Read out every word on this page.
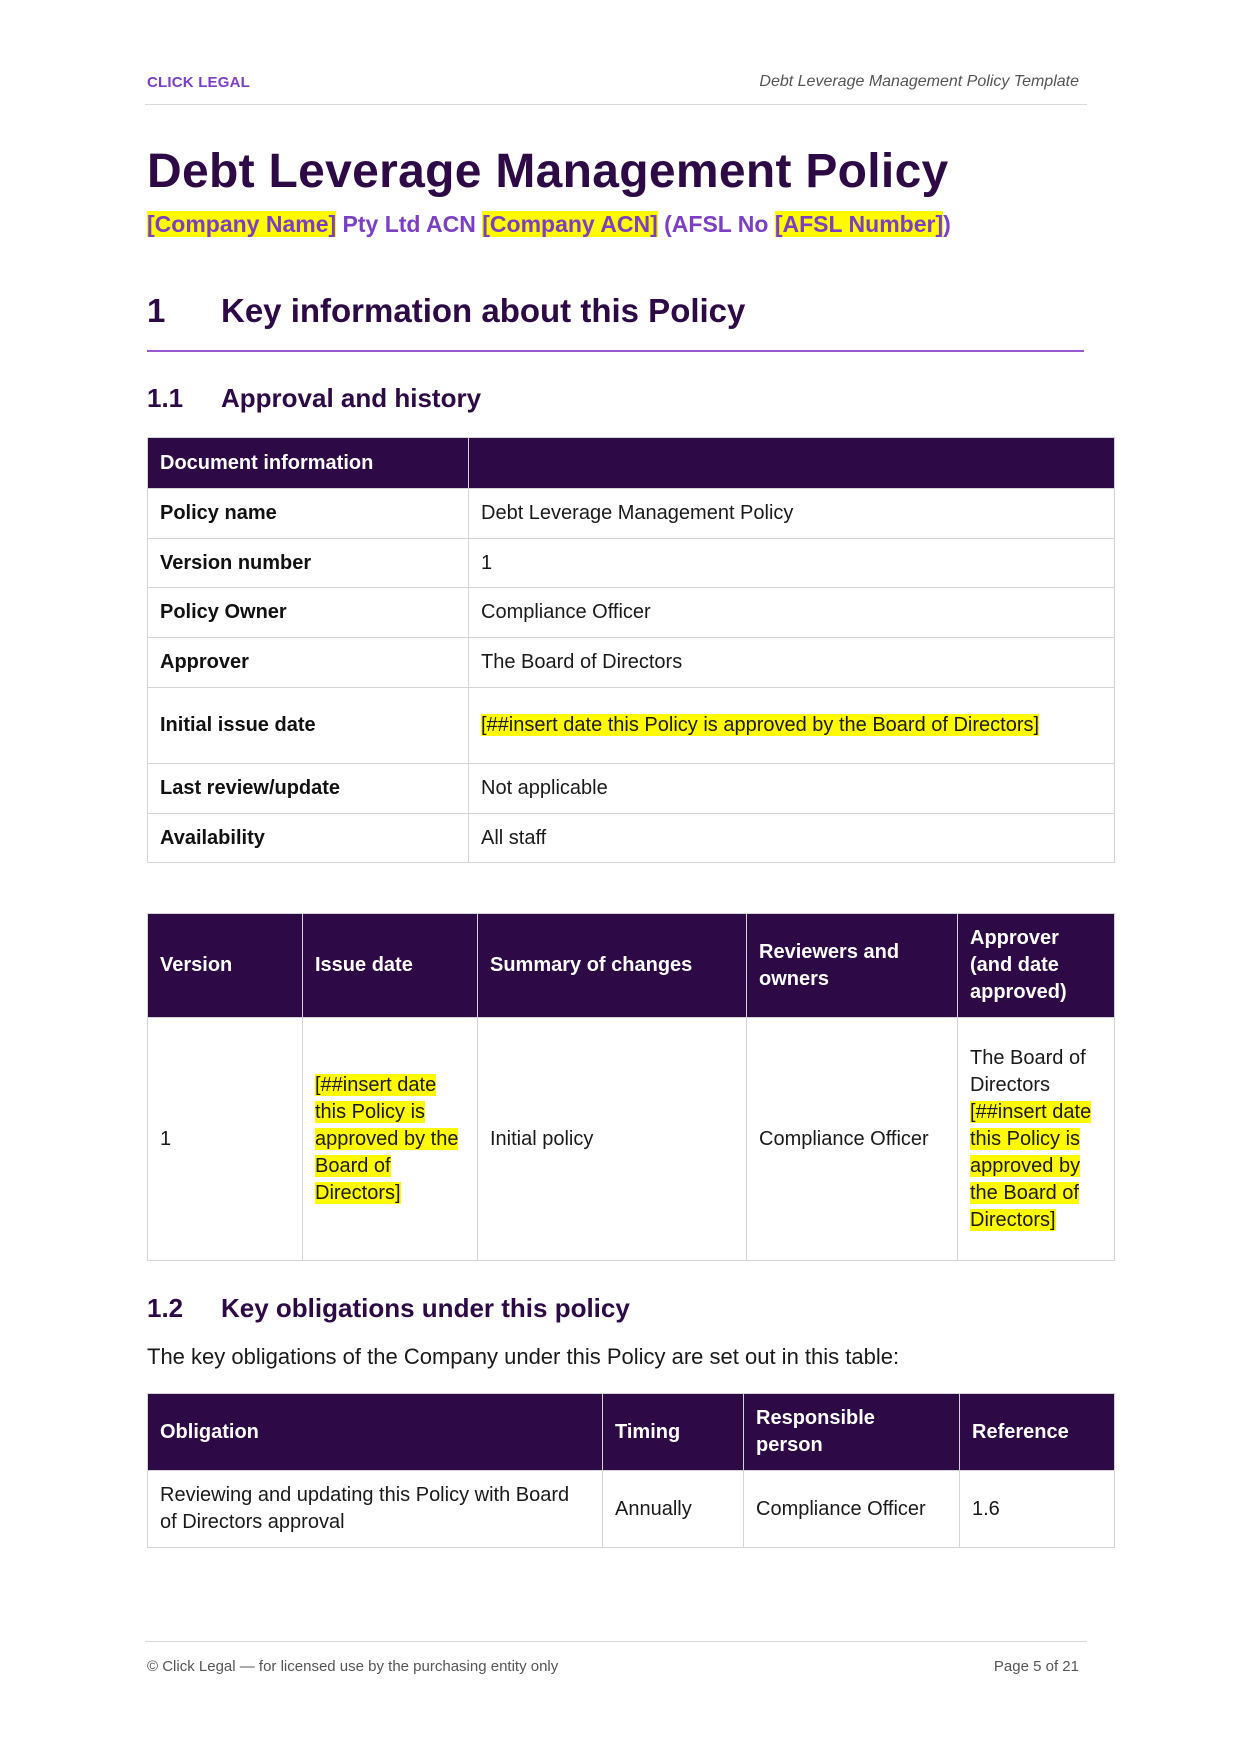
CLICK LEGAL	Debt Leverage Management Policy Template
Debt Leverage Management Policy
[Company Name] Pty Ltd ACN [Company ACN] (AFSL No [AFSL Number])
1 Key information about this Policy
1.1 Approval and history
Document information	
Policy name	Debt Leverage Management Policy
Version number	1
Policy Owner	Compliance Officer
Approver	The Board of Directors
Initial issue date	[##insert date this Policy is approved by the Board of Directors]
Last review/update	Not applicable
Availability	All staff
Version	Issue date	Summary of changes	Reviewers and owners	Approver (and date approved)
1	[##insert date this Policy is approved by the Board of Directors]	Initial policy	Compliance Officer	The Board of Directors [##insert date this Policy is approved by the Board of Directors]
1.2 Key obligations under this policy
The key obligations of the Company under this Policy are set out in this table:
Obligation	Timing	Responsible person	Reference
Reviewing and updating this Policy with Board of Directors approval	Annually	Compliance Officer	1.6
© Click Legal — for licensed use by the purchasing entity only	Page 5 of 21
